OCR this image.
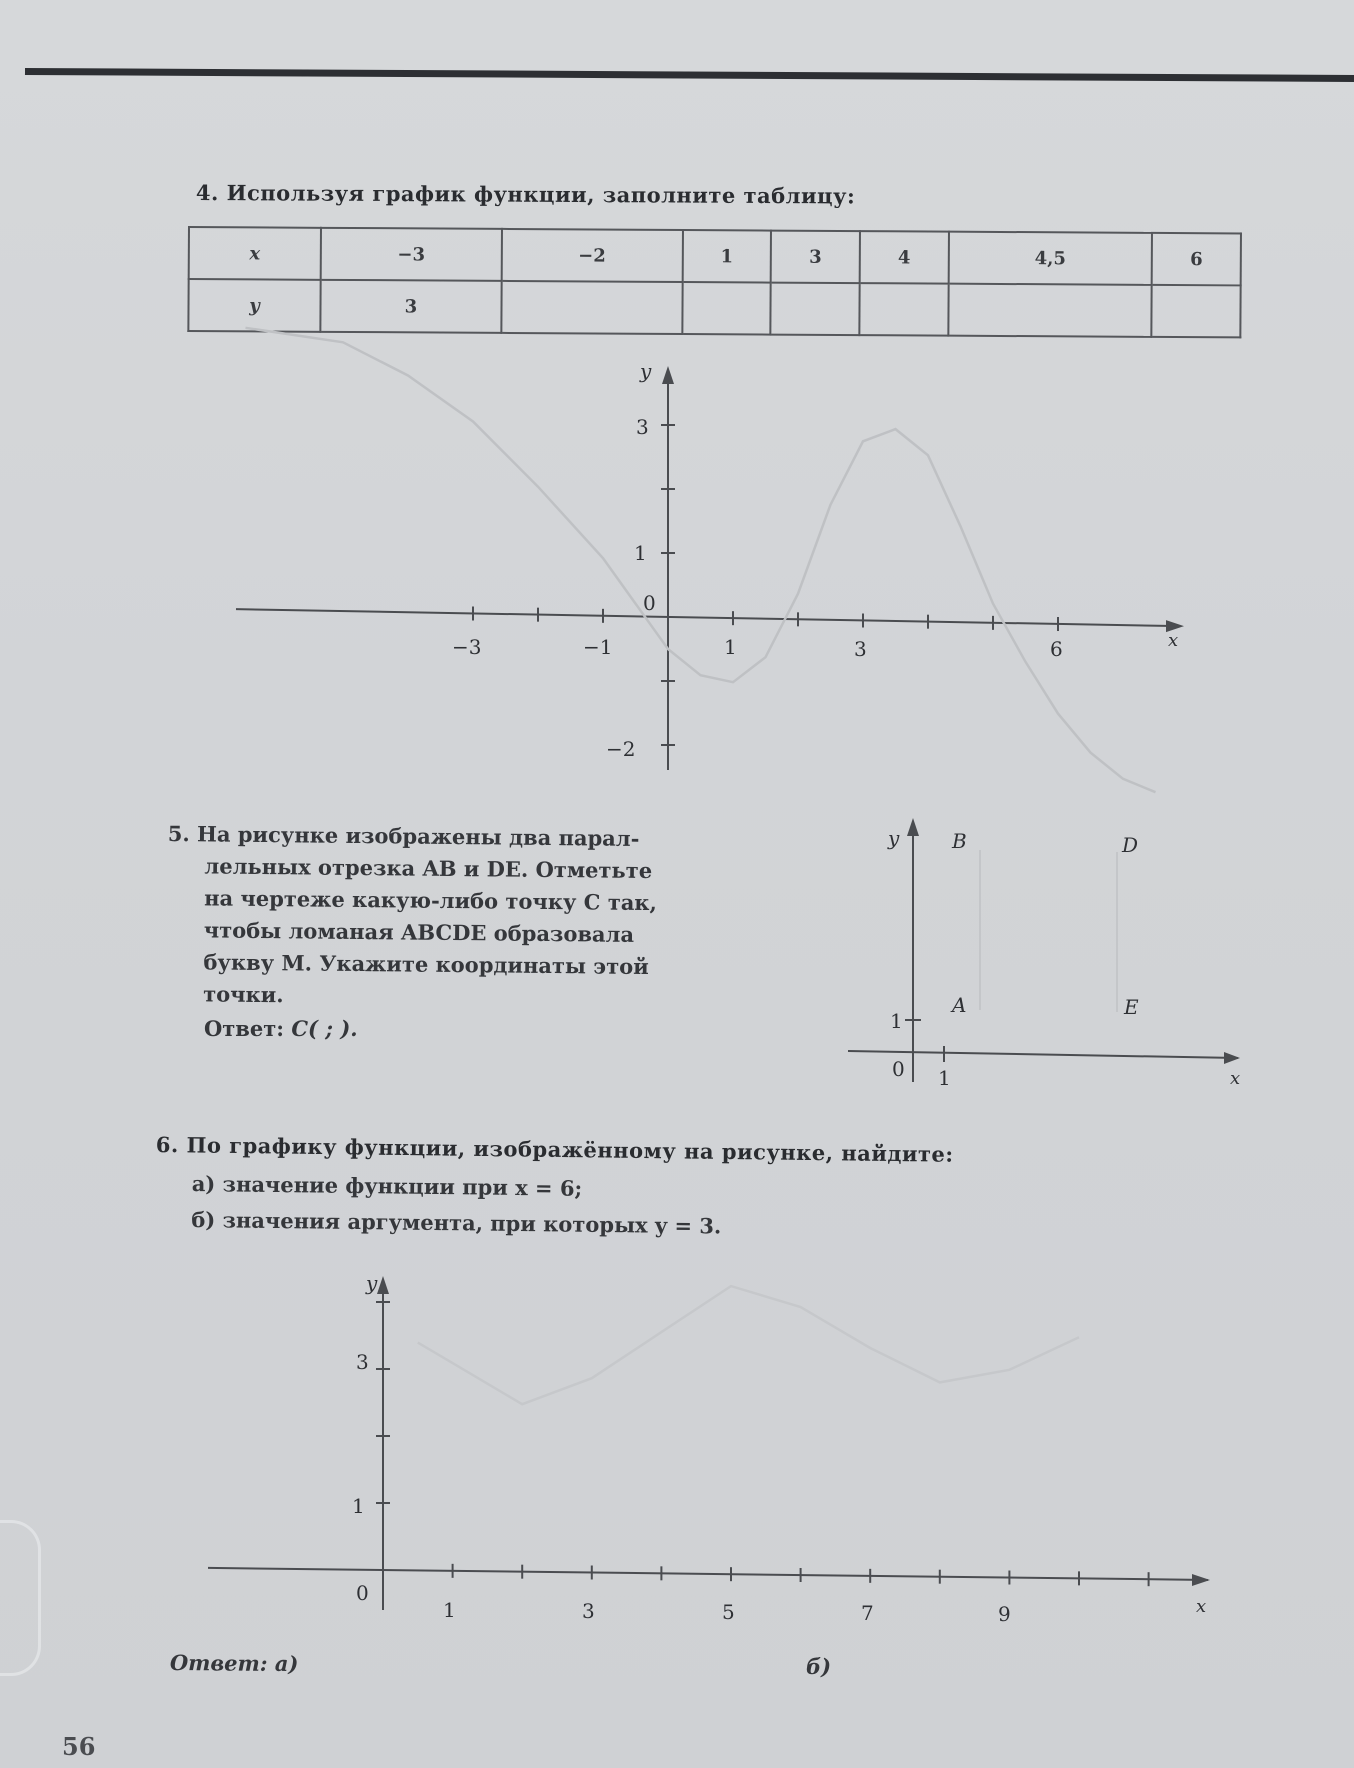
4. Используя график функции, заполните таблицу:
x	−3	−2	1	3	4	4,5	6
y	3						
y
x
0
−3	−1	1	3	6
3
1
−2
5. На рисунке изображены два парал-
лельных отрезка AB и DE. Отметьте
на чертеже какую-либо точку C так,
чтобы ломаная ABCDE образовала
букву M. Укажите координаты этой
точки.
Ответ: C( ; ).
y
x
0 1
1
A
B	D
E
6. По графику функции, изображённому на рисунке, найдите:
а) значение функции при x = 6;
б) значения аргумента, при которых y = 3.
y
x
0
1	3	5	7	9
3
1
Ответ: а)	б)
56
